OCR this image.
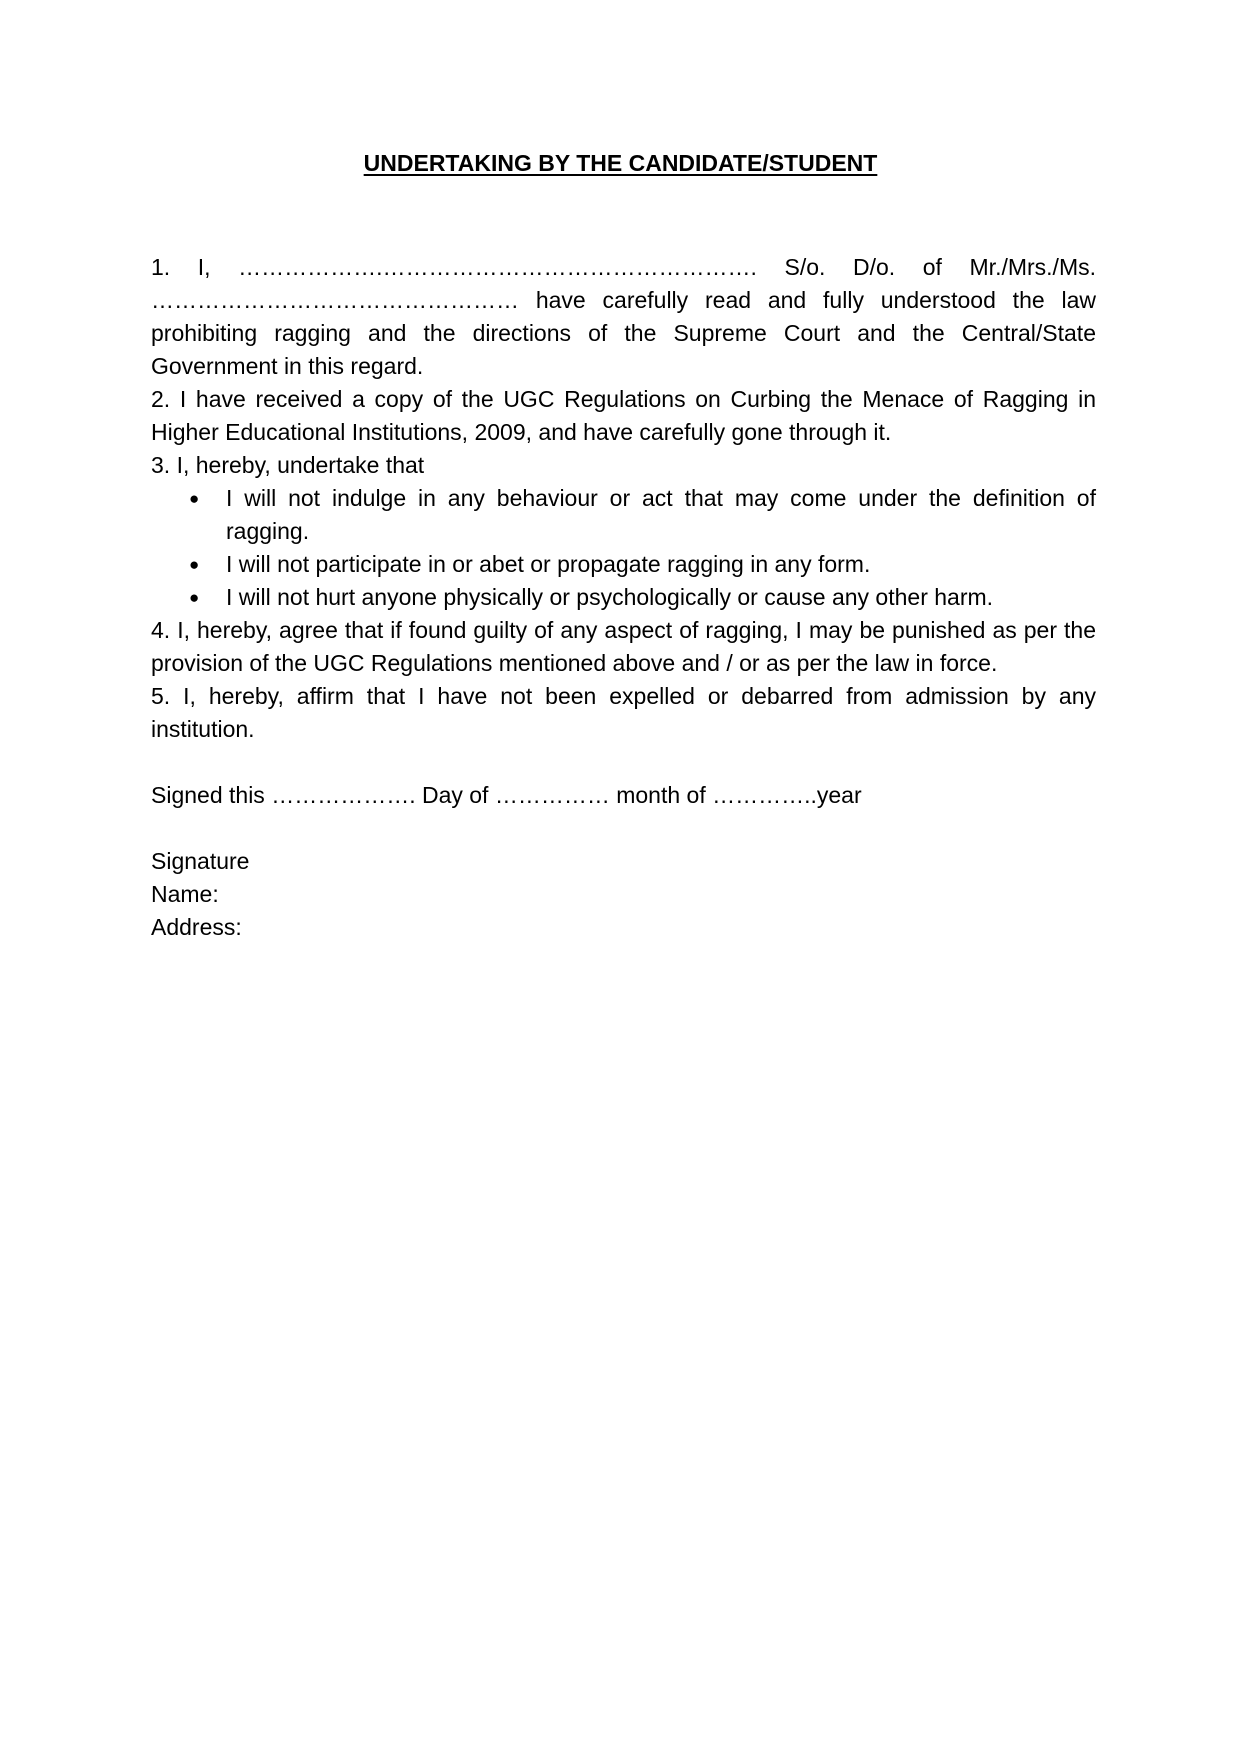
UNDERTAKING BY THE CANDIDATE/STUDENT

1. I, ……………….…………………………………………. S/o. D/o. of Mr./Mrs./Ms. ………………………………………… have carefully read and fully understood the law prohibiting ragging and the directions of the Supreme Court and the Central/State Government in this regard.

2. I have received a copy of the UGC Regulations on Curbing the Menace of Ragging in Higher Educational Institutions, 2009, and have carefully gone through it.

3. I, hereby, undertake that

● I will not indulge in any behaviour or act that may come under the definition of ragging.
● I will not participate in or abet or propagate ragging in any form.
● I will not hurt anyone physically or psychologically or cause any other harm.

4. I, hereby, agree that if found guilty of any aspect of ragging, I may be punished as per the provision of the UGC Regulations mentioned above and / or as per the law in force.

5. I, hereby, affirm that I have not been expelled or debarred from admission by any institution.

Signed this ………………. Day of …………… month of …………..year

Signature

Name:

Address:
